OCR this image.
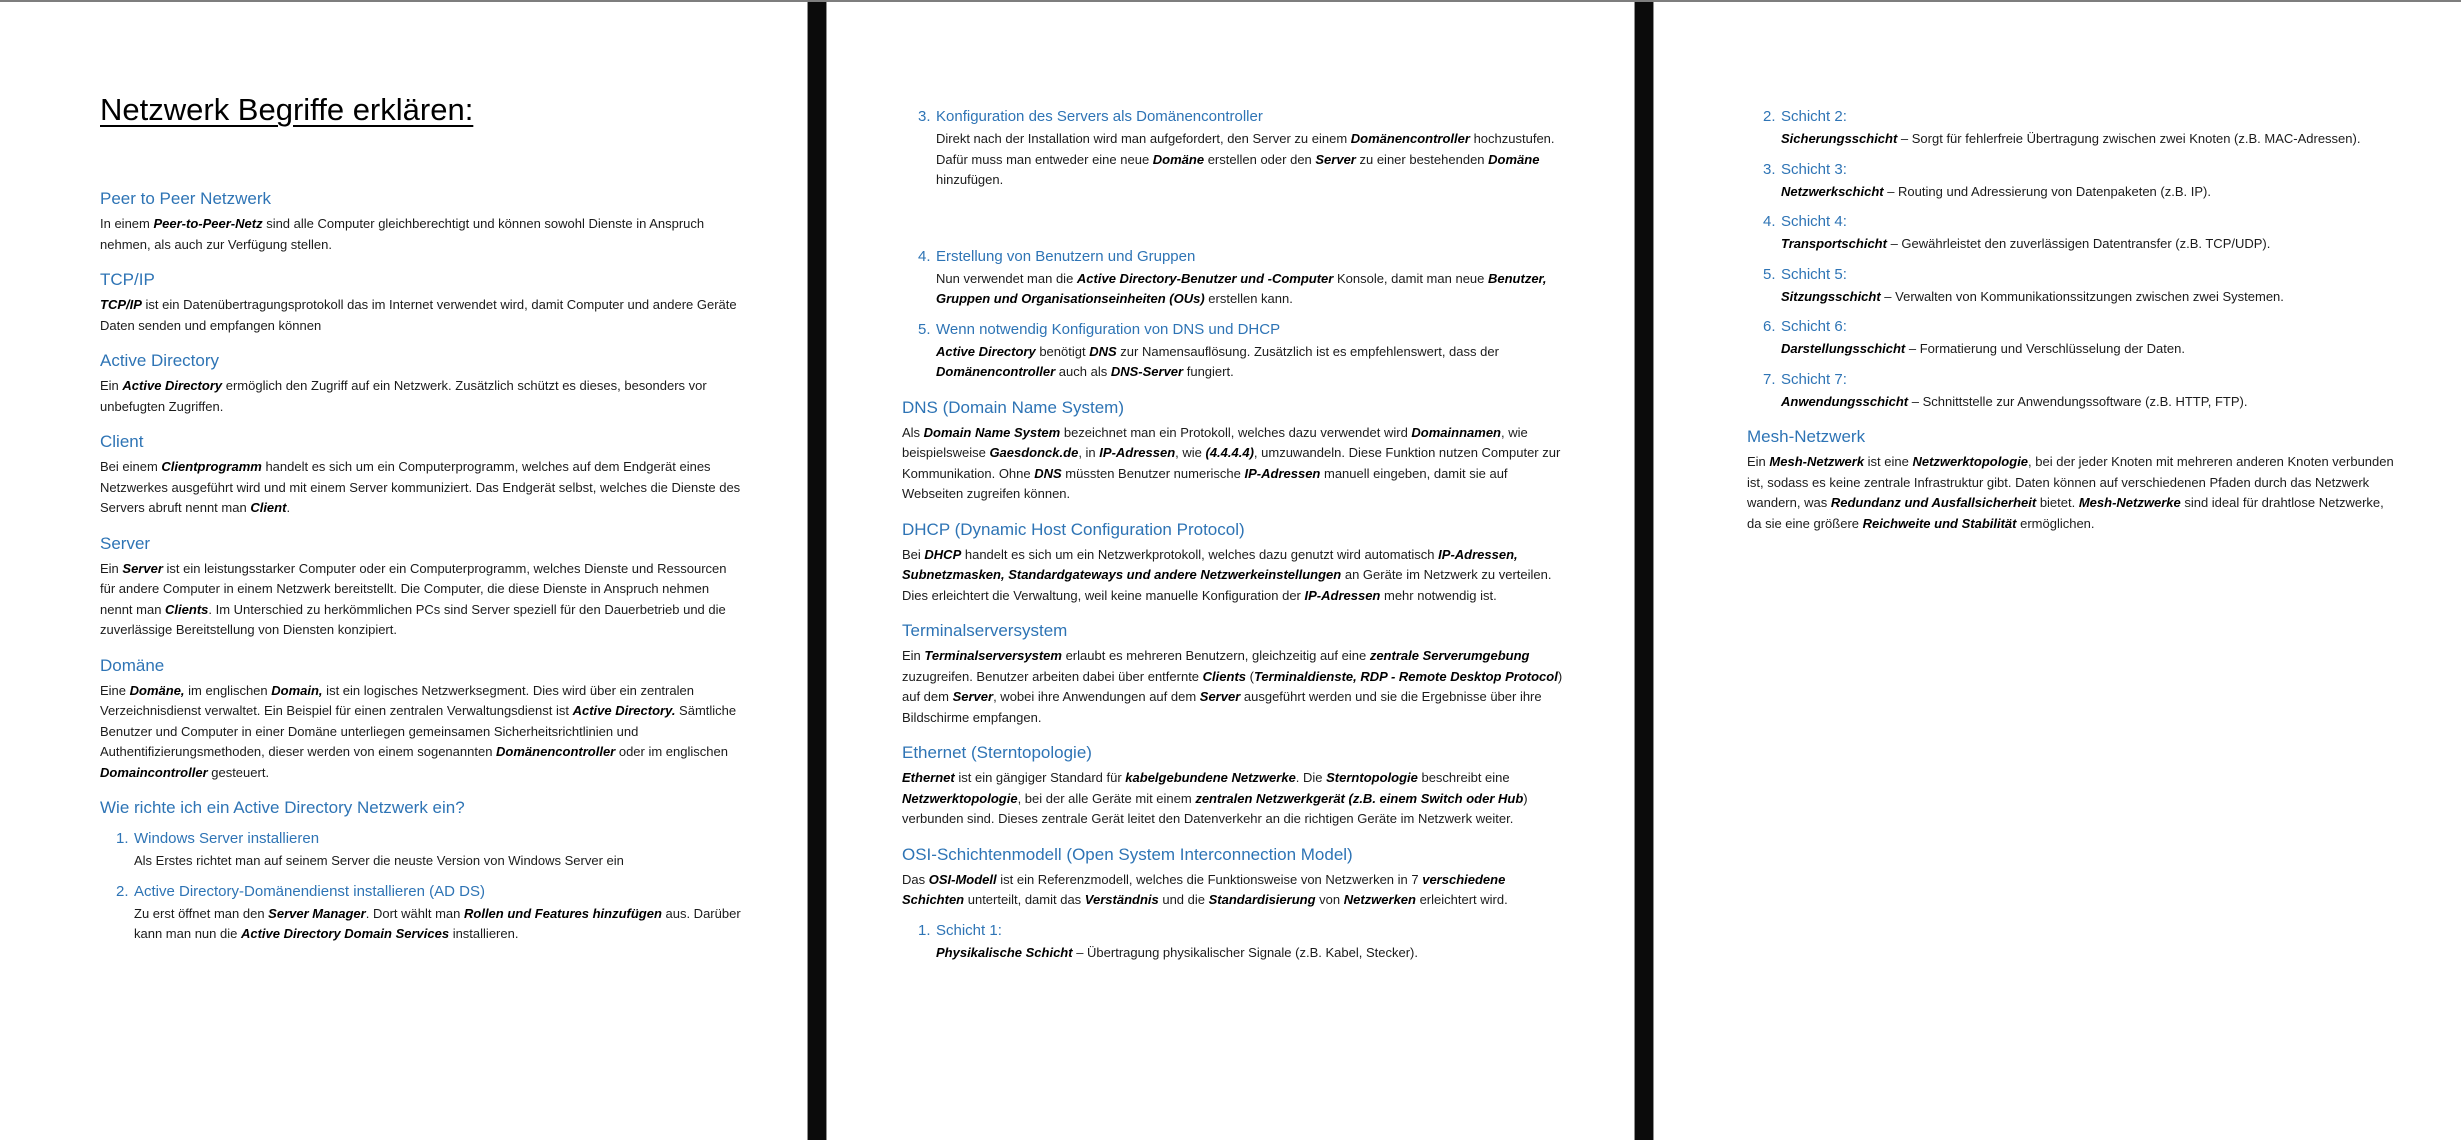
Netzwerk Begriffe erklären:
Peer to Peer Netzwerk

In einem Peer-to-Peer-Netz sind alle Computer gleichberechtigt und können sowohl Dienste in Anspruch nehmen, als auch zur Verfügung stellen.

TCP/IP

TCP/IP ist ein Datenübertragungsprotokoll das im Internet verwendet wird, damit Computer und andere Geräte Daten senden und empfangen können

Active Directory

Ein Active Directory ermöglich den Zugriff auf ein Netzwerk. Zusätzlich schützt es dieses, besonders vor unbefugten Zugriffen.

Client

Bei einem Clientprogramm handelt es sich um ein Computerprogramm, welches auf dem Endgerät eines Netzwerkes ausgeführt wird und mit einem Server kommuniziert. Das Endgerät selbst, welches die Dienste des Servers abruft nennt man Client.

Server

Ein Server ist ein leistungsstarker Computer oder ein Computerprogramm, welches Dienste und Ressourcen für andere Computer in einem Netzwerk bereitstellt. Die Computer, die diese Dienste in Anspruch nehmen nennt man Clients. Im Unterschied zu herkömmlichen PCs sind Server speziell für den Dauerbetrieb und die zuverlässige Bereitstellung von Diensten konzipiert.

Domäne

Eine Domäne, im englischen Domain, ist ein logisches Netzwerksegment. Dies wird über ein zentralen Verzeichnisdienst verwaltet. Ein Beispiel für einen zentralen Verwaltungsdienst ist Active Directory. Sämtliche Benutzer und Computer in einer Domäne unterliegen gemeinsamen Sicherheitsrichtlinien und Authentifizierungsmethoden, dieser werden von einem sogenannten Domänencontroller oder im englischen Domaincontroller gesteuert.

Wie richte ich ein Active Directory Netzwerk ein?
1. Windows Server installieren

Als Erstes richtet man auf seinem Server die neuste Version von Windows Server ein

2. Active Directory-Domänendienst installieren (AD DS)

Zu erst öffnet man den Server Manager. Dort wählt man Rollen und Features hinzufügen aus. Darüber kann man nun die Active Directory Domain Services installieren.

3. Konfiguration des Servers als Domänencontroller

Direkt nach der Installation wird man aufgefordert, den Server zu einem Domänencontroller hochzustufen. Dafür muss man entweder eine neue Domäne erstellen oder den Server zu einer bestehenden Domäne hinzufügen.

4. Erstellung von Benutzern und Gruppen

Nun verwendet man die Active Directory-Benutzer und -Computer Konsole, damit man neue Benutzer, Gruppen und Organisationseinheiten (OUs) erstellen kann.

5. Wenn notwendig Konfiguration von DNS und DHCP

Active Directory benötigt DNS zur Namensauflösung. Zusätzlich ist es empfehlenswert, dass der Domänencontroller auch als DNS-Server fungiert.

DNS (Domain Name System)

Als Domain Name System bezeichnet man ein Protokoll, welches dazu verwendet wird Domainnamen, wie beispielsweise Gaesdonck.de, in IP-Adressen, wie (4.4.4.4), umzuwandeln. Diese Funktion nutzen Computer zur Kommunikation. Ohne DNS müssten Benutzer numerische IP-Adressen manuell eingeben, damit sie auf Webseiten zugreifen können.

DHCP (Dynamic Host Configuration Protocol)

Bei DHCP handelt es sich um ein Netzwerkprotokoll, welches dazu genutzt wird automatisch IP-Adressen, Subnetzmasken, Standardgateways und andere Netzwerkeinstellungen an Geräte im Netzwerk zu verteilen. Dies erleichtert die Verwaltung, weil keine manuelle Konfiguration der IP-Adressen mehr notwendig ist.

Terminalserversystem

Ein Terminalserversystem erlaubt es mehreren Benutzern, gleichzeitig auf eine zentrale Serverumgebung zuzugreifen. Benutzer arbeiten dabei über entfernte Clients (Terminaldienste, RDP - Remote Desktop Protocol) auf dem Server, wobei ihre Anwendungen auf dem Server ausgeführt werden und sie die Ergebnisse über ihre Bildschirme empfangen.

Ethernet (Sterntopologie)

Ethernet ist ein gängiger Standard für kabelgebundene Netzwerke. Die Sterntopologie beschreibt eine Netzwerktopologie, bei der alle Geräte mit einem zentralen Netzwerkgerät (z.B. einem Switch oder Hub) verbunden sind. Dieses zentrale Gerät leitet den Datenverkehr an die richtigen Geräte im Netzwerk weiter.

OSI-Schichtenmodell (Open System Interconnection Model)

Das OSI-Modell ist ein Referenzmodell, welches die Funktionsweise von Netzwerken in 7 verschiedene Schichten unterteilt, damit das Verständnis und die Standardisierung von Netzwerken erleichtert wird.

1. Schicht 1:

Physikalische Schicht – Übertragung physikalischer Signale (z.B. Kabel, Stecker).

2. Schicht 2:

Sicherungsschicht – Sorgt für fehlerfreie Übertragung zwischen zwei Knoten (z.B. MAC-Adressen).

3. Schicht 3:

Netzwerkschicht – Routing und Adressierung von Datenpaketen (z.B. IP).

4. Schicht 4:

Transportschicht – Gewährleistet den zuverlässigen Datentransfer (z.B. TCP/UDP).

5. Schicht 5:

Sitzungsschicht – Verwalten von Kommunikationssitzungen zwischen zwei Systemen.

6. Schicht 6:

Darstellungsschicht – Formatierung und Verschlüsselung der Daten.

7. Schicht 7:

Anwendungsschicht – Schnittstelle zur Anwendungssoftware (z.B. HTTP, FTP).

Mesh-Netzwerk

Ein Mesh-Netzwerk ist eine Netzwerktopologie, bei der jeder Knoten mit mehreren anderen Knoten verbunden ist, sodass es keine zentrale Infrastruktur gibt. Daten können auf verschiedenen Pfaden durch das Netzwerk wandern, was Redundanz und Ausfallsicherheit bietet. Mesh-Netzwerke sind ideal für drahtlose Netzwerke, da sie eine größere Reichweite und Stabilität ermöglichen.
